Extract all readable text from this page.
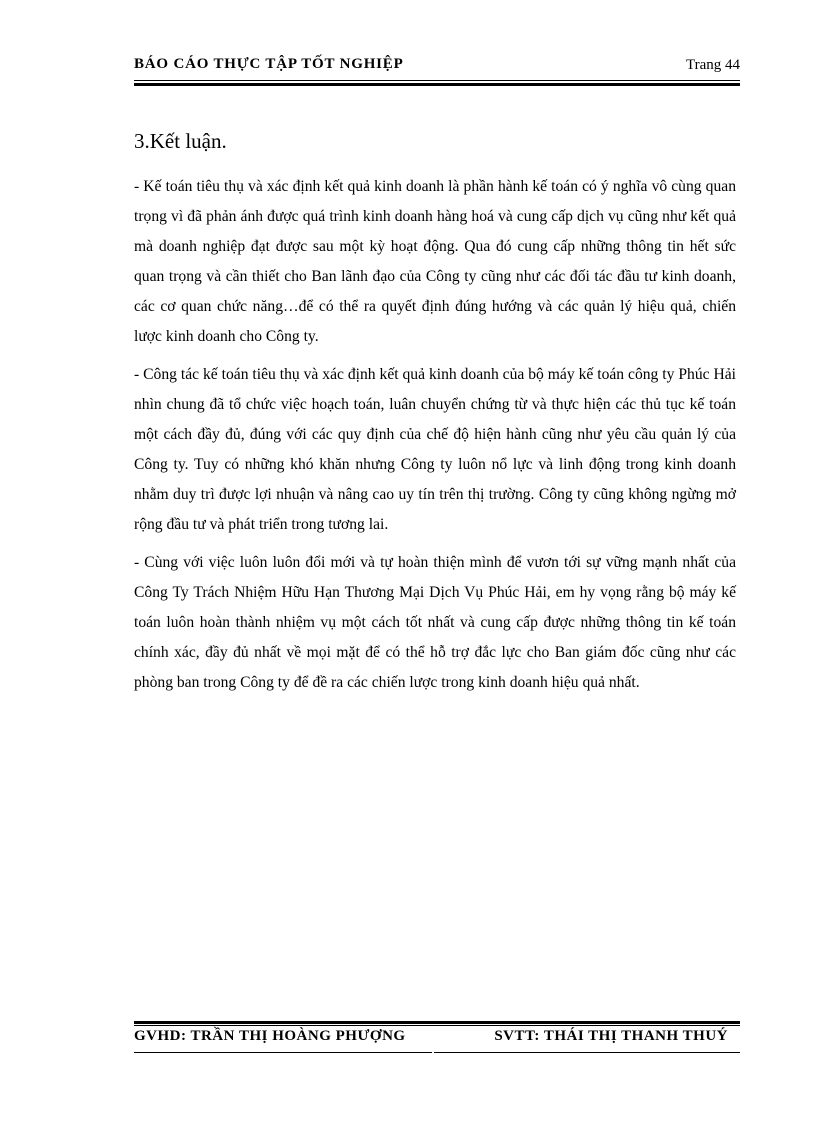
BÁO CÁO THỰC TẬP TỐT NGHIỆP	Trang 44
3.Kết luận.

- Kế toán tiêu thụ và xác định kết quả kinh doanh là phần hành kế toán có ý nghĩa vô cùng quan trọng vì đã phản ánh được quá trình kinh doanh hàng hoá và cung cấp dịch vụ cũng như kết quả mà doanh nghiệp đạt được sau một kỳ hoạt động. Qua đó cung cấp những thông tin hết sức quan trọng và cần thiết cho Ban lãnh đạo của Công ty cũng như các đối tác đầu tư kinh doanh, các cơ quan chức năng…để có thể ra quyết định đúng hướng và các quản lý hiệu quả, chiến lược kinh doanh cho Công ty.

- Công tác kế toán tiêu thụ và xác định kết quả kinh doanh của bộ máy kế toán công ty Phúc Hải nhìn chung đã tổ chức việc hoạch toán, luân chuyển chứng từ và thực hiện các thủ tục kế toán một cách đầy đủ, đúng với các quy định của chế độ hiện hành cũng như yêu cầu quản lý của Công ty. Tuy có những khó khăn nhưng Công ty luôn nổ lực và linh động trong kinh doanh nhằm duy trì được lợi nhuận và nâng cao uy tín trên thị trường. Công ty cũng không ngừng mở rộng đầu tư và phát triển trong tương lai.

- Cùng với việc luôn luôn đổi mới và tự hoàn thiện mình để vươn tới sự vững mạnh nhất của Công Ty Trách Nhiệm Hữu Hạn Thương Mại Dịch Vụ Phúc Hải, em hy vọng rằng bộ máy kế toán luôn hoàn thành nhiệm vụ một cách tốt nhất và cung cấp được những thông tin kế toán chính xác, đầy đủ nhất về mọi mặt để có thể hỗ trợ đắc lực cho Ban giám đốc cũng như các phòng ban trong Công ty để đề ra các chiến lược trong kinh doanh hiệu quả nhất.

GVHD: TRẦN THỊ HOÀNG PHƯỢNG	SVTT: THÁI THỊ THANH THUÝ
